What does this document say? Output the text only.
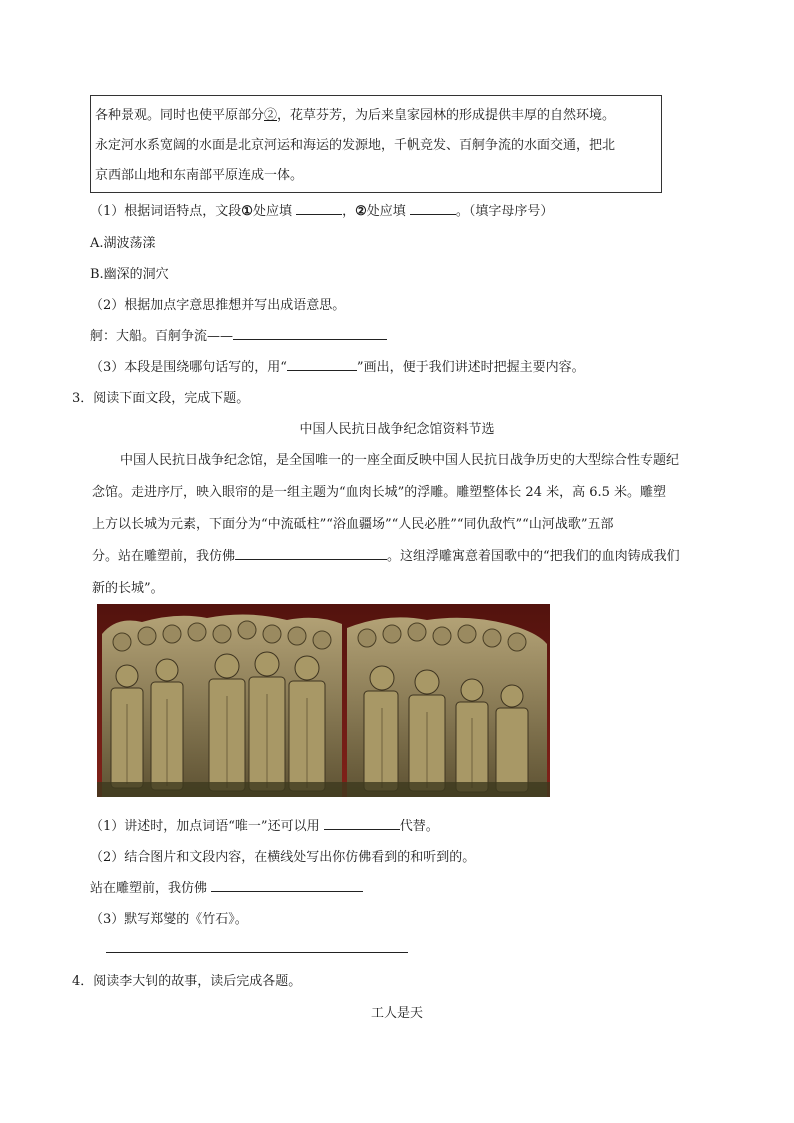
各种景观。同时也使平原部分②，花草芬芳，为后来皇家园林的形成提供丰厚的自然环境。
永定河水系宽阔的水面是北京河运和海运的发源地，千帆竞发、百舸争流的水面交通，把北
京西部山地和东南部平原连成一体。
（1）根据词语特点，文段①处应填	，②处应填	。（填字母序号）
A.湖波荡漾
B.幽深的洞穴
（2）根据加点字意思推想并写出成语意思。
舸：大船。百舸争流——
（3）本段是围绕哪句话写的，用“	”画出，便于我们讲述时把握主要内容。
3．阅读下面文段，完成下题。
中国人民抗日战争纪念馆资料节选
中国人民抗日战争纪念馆，是全国唯一的一座全面反映中国人民抗日战争历史的大型综合性专题纪
念馆。走进序厅，映入眼帘的是一组主题为“血肉长城”的浮雕。雕塑整体长 24 米，高 6.5 米。雕塑
上方以长城为元素，下面分为“中流砥柱”“浴血疆场”“人民必胜”“同仇敌忾”“山河战歌”五部
分。站在雕塑前，我仿佛	。这组浮雕寓意着国歌中的“把我们的血肉铸成我们
新的长城”。
（1）讲述时，加点词语“唯一”还可以用	代替。
（2）结合图片和文段内容，在横线处写出你仿佛看到的和听到的。
站在雕塑前，我仿佛
（3）默写郑燮的《竹石》。
4．阅读李大钊的故事，读后完成各题。
工人是天
